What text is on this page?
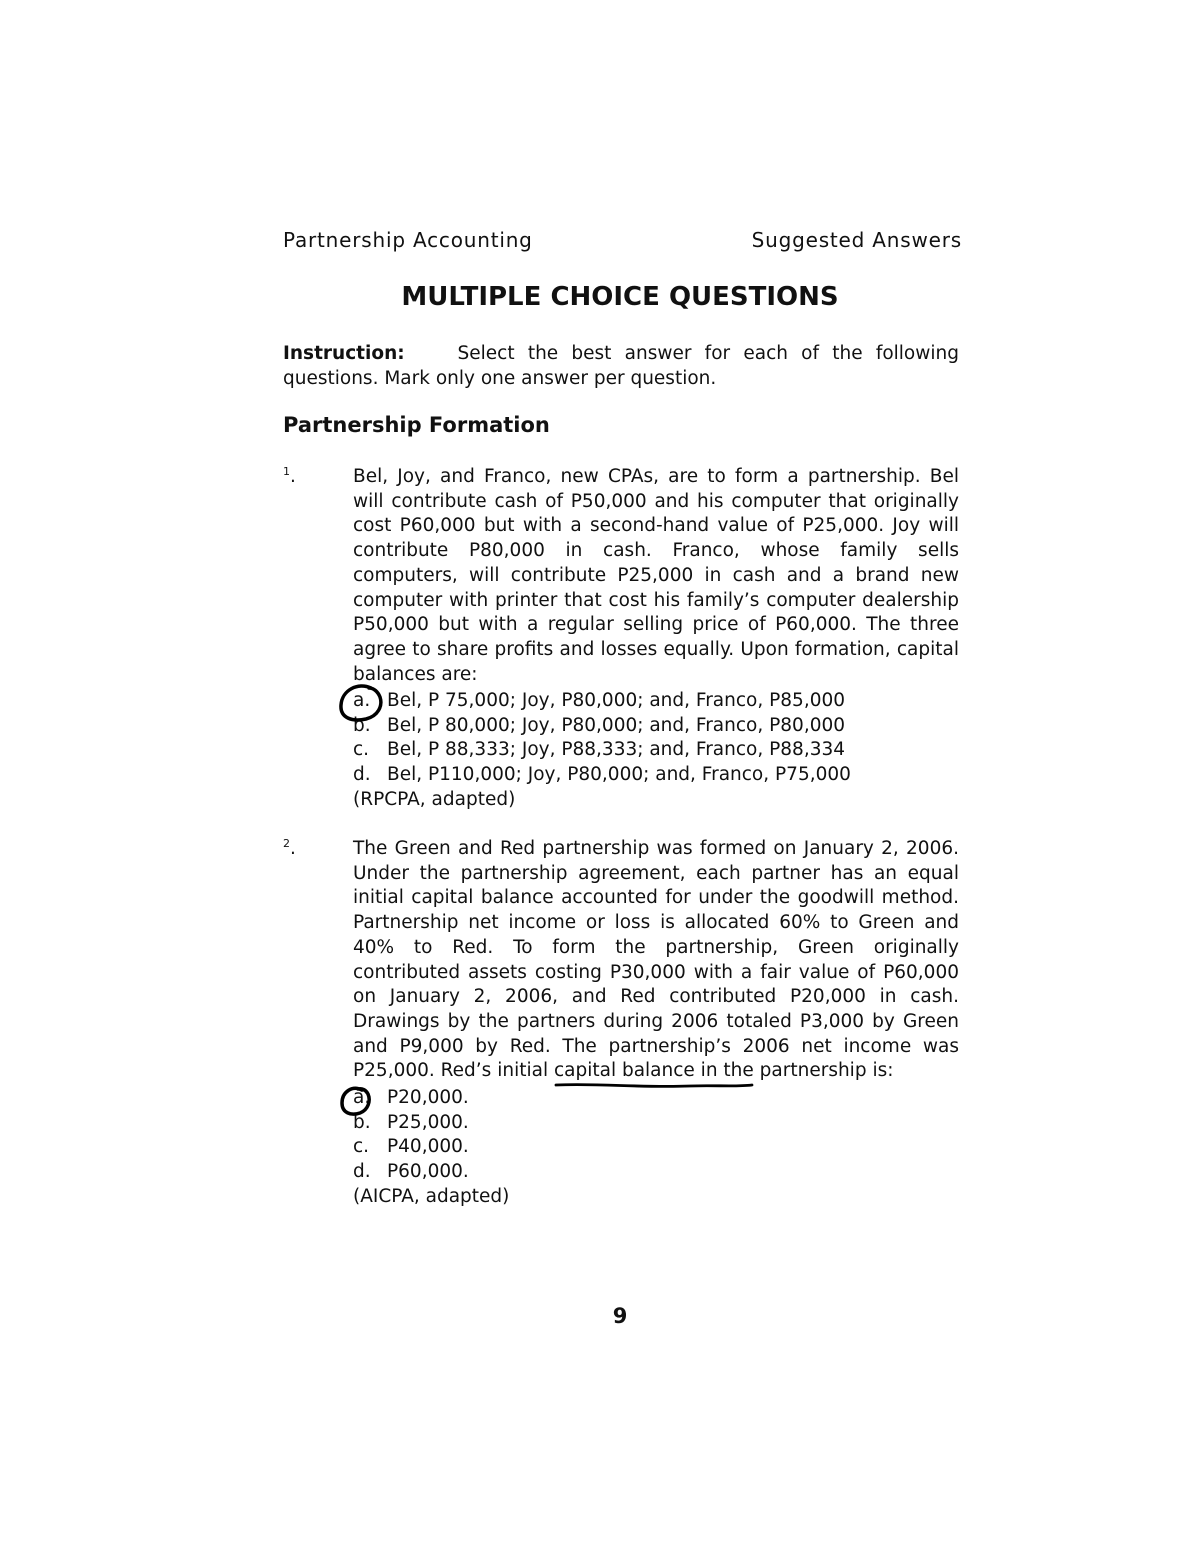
Partnership Accounting	Suggested Answers
MULTIPLE CHOICE QUESTIONS
Instruction:	Select the best answer for each of the following questions. Mark only one answer per question.
Partnership Formation
$^1$.	Bel, Joy, and Franco, new CPAs, are to form a partnership. Bel will contribute cash of P50,000 and his computer that originally cost P60,000 but with a second-hand value of P25,000. Joy will contribute P80,000 in cash. Franco, whose family sells computers, will contribute P25,000 in cash and a brand new computer with printer that cost his family’s computer dealership P50,000 but with a regular selling price of P60,000. The three agree to share profits and losses equally. Upon formation, capital balances are:
a. Bel, P 75,000; Joy, P80,000; and, Franco, P85,000
b. Bel, P 80,000; Joy, P80,000; and, Franco, P80,000
c. Bel, P 88,333; Joy, P88,333; and, Franco, P88,334
d. Bel, P110,000; Joy, P80,000; and, Franco, P75,000
(RPCPA, adapted)
$^2$.	The Green and Red partnership was formed on January 2, 2006. Under the partnership agreement, each partner has an equal initial capital balance accounted for under the goodwill method. Partnership net income or loss is allocated 60% to Green and 40% to Red. To form the partnership, Green originally contributed assets costing P30,000 with a fair value of P60,000 on January 2, 2006, and Red contributed P20,000 in cash. Drawings by the partners during 2006 totaled P3,000 by Green and P9,000 by Red. The partnership’s 2006 net income was P25,000. Red’s initial capital balance in the partnership is:
a. P20,000.
b. P25,000.
c. P40,000.
d. P60,000.
(AICPA, adapted)
9
